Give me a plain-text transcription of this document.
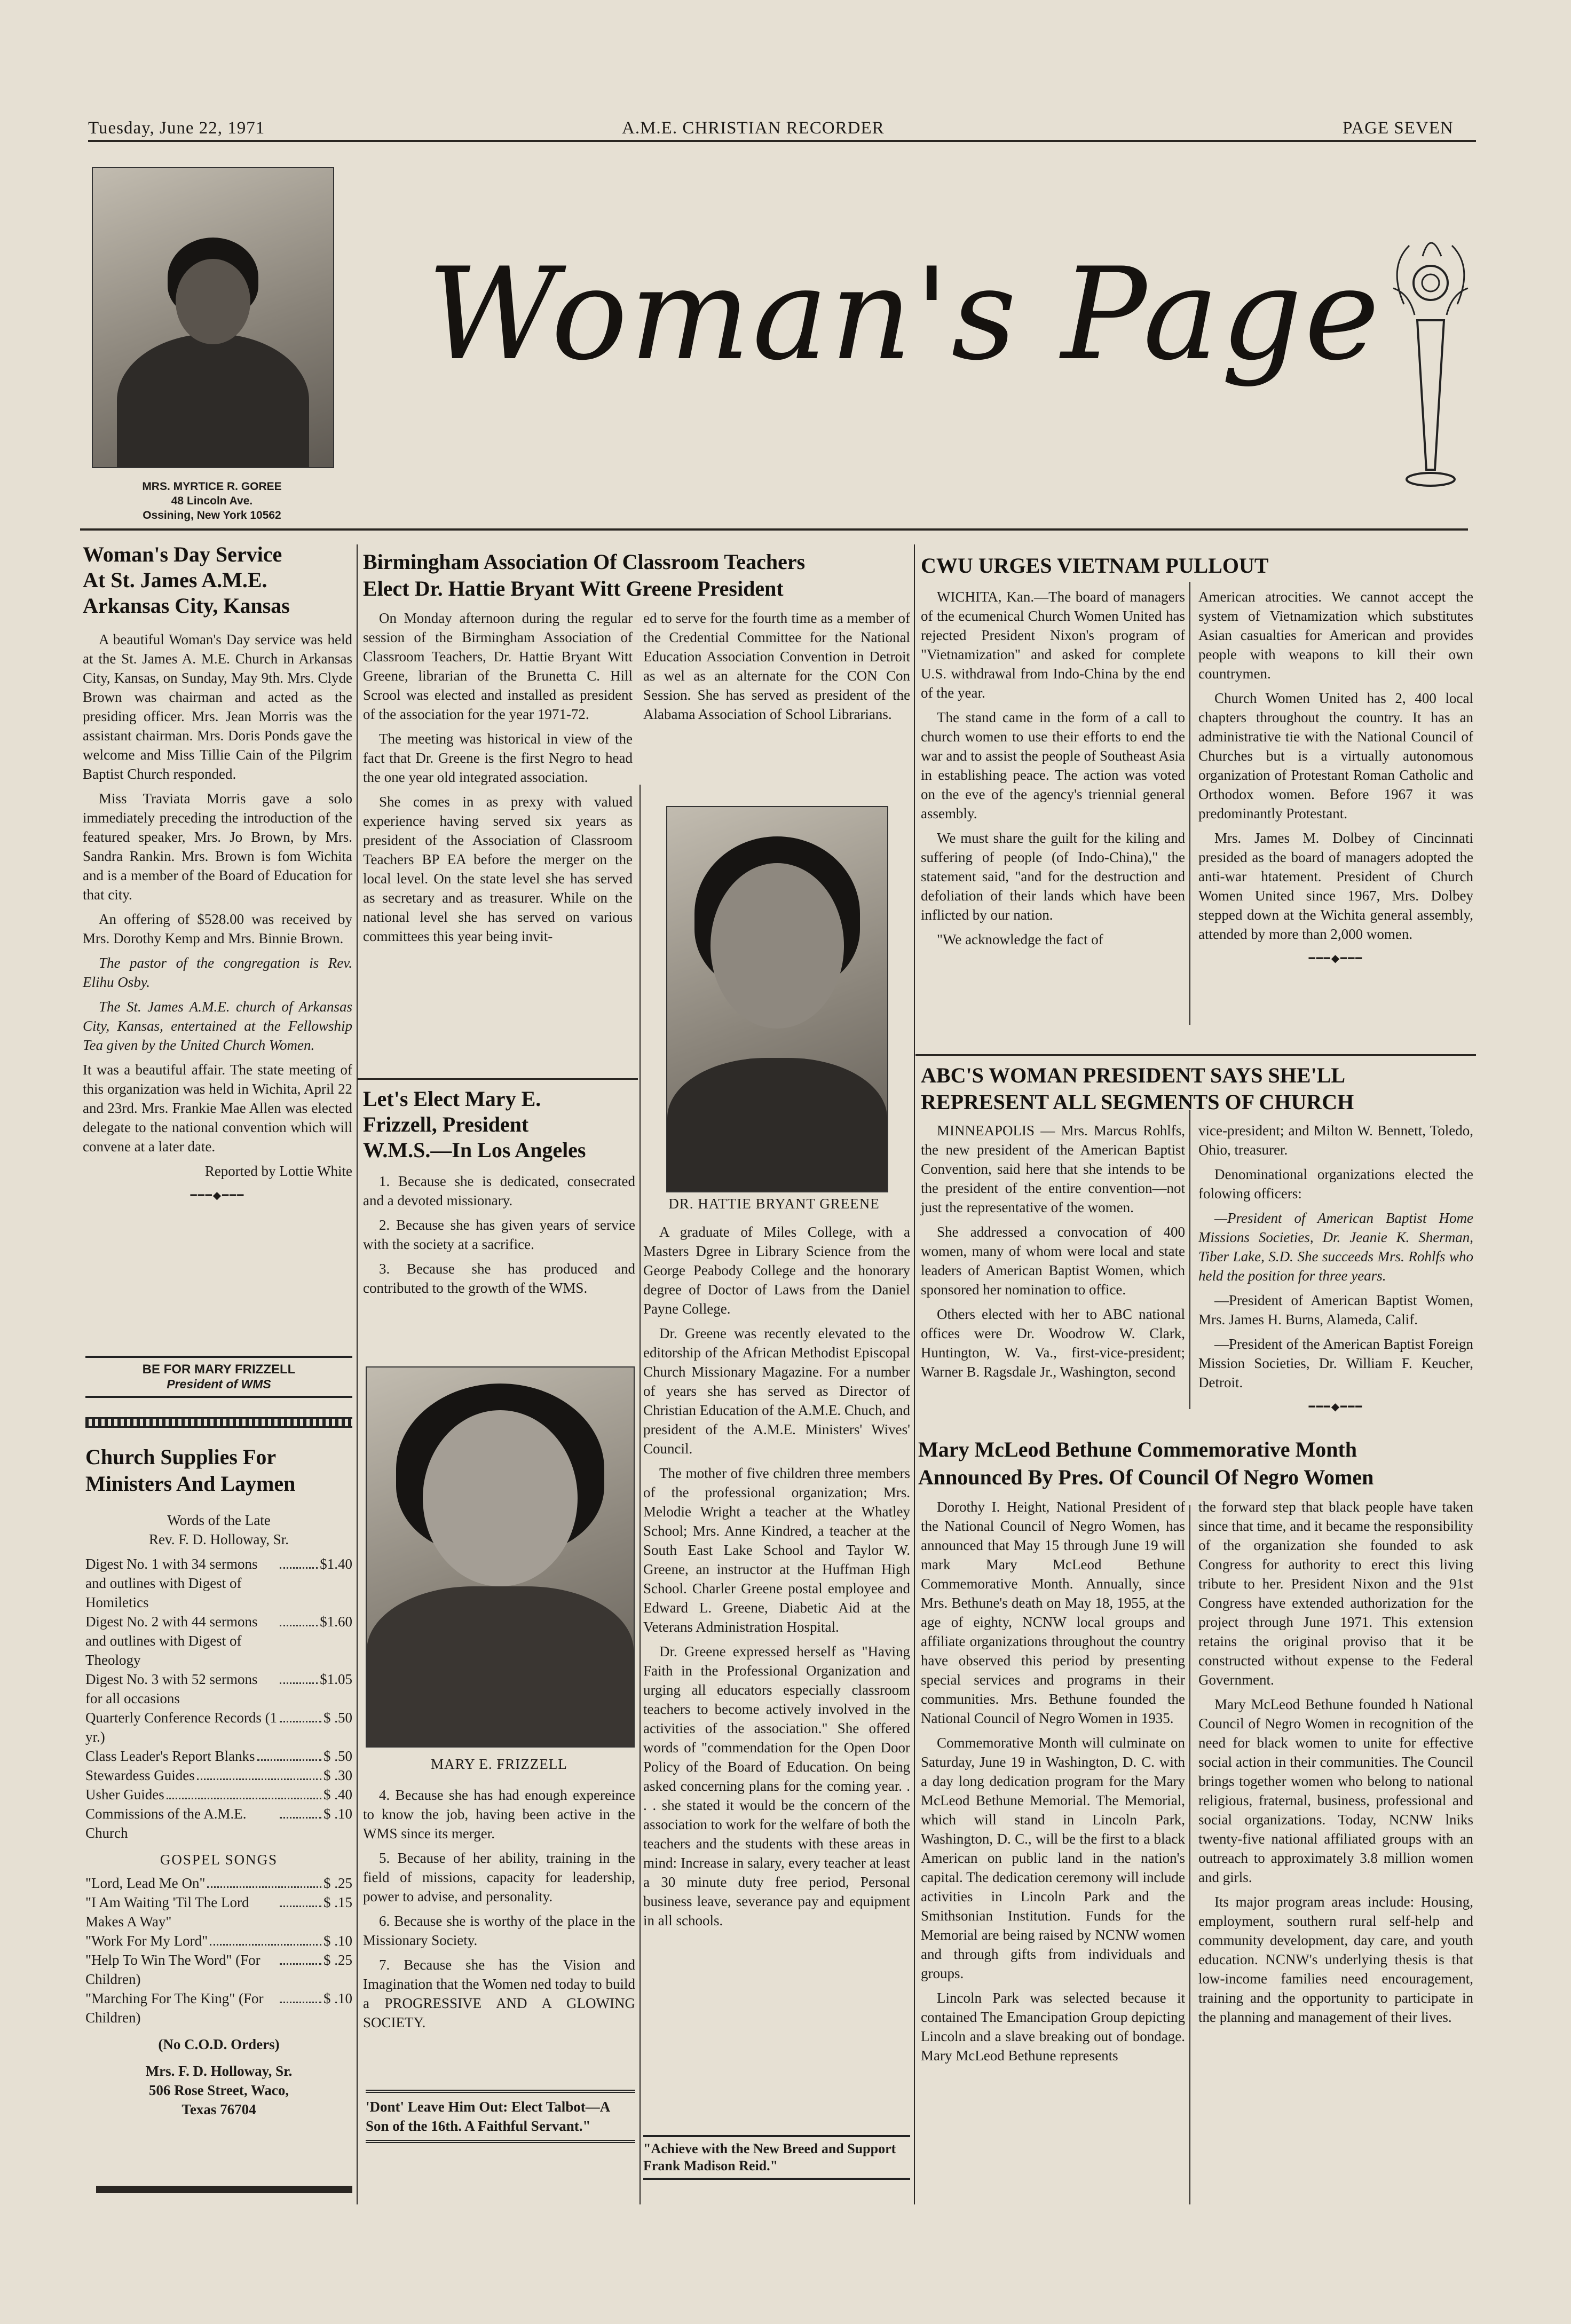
Tuesday, June 22, 1971	A.M.E. CHRISTIAN RECORDER	PAGE SEVEN
MRS. MYRTICE R. GOREE
48 Lincoln Ave.
Ossining, New York 10562
Woman's Page
Woman's Day Service
At St. James A.M.E.
Arkansas City, Kansas

A beautiful Woman's Day service was held at the St. James A. M.E. Church in Arkansas City, Kansas, on Sunday, May 9th. Mrs. Clyde Brown was chairman and acted as the presiding officer. Mrs. Jean Morris was the assistant chairman. Mrs. Doris Ponds gave the welcome and Miss Tillie Cain of the Pilgrim Baptist Church responded.

Miss Traviata Morris gave a solo immediately preceding the introduction of the featured speaker, Mrs. Jo Brown, by Mrs. Sandra Rankin. Mrs. Brown is fom Wichita and is a member of the Board of Education for that city.

An offering of $528.00 was received by Mrs. Dorothy Kemp and Mrs. Binnie Brown.

The pastor of the congregation is Rev. Elihu Osby.

The St. James A.M.E. church of Arkansas City, Kansas, entertained at the Fellowship Tea given by the United Church Women.

It was a beautiful affair. The state meeting of this organization was held in Wichita, April 22 and 23rd. Mrs. Frankie Mae Allen was elected delegate to the national convention which will convene at a later date.

Reported by Lottie White

━━━◆━━━
BE FOR MARY FRIZZELL
President of WMS
Church Supplies For
Ministers And Laymen
Words of the Late
Rev. F. D. Holloway, Sr.
Digest No. 1 with 34 sermons and outlines with Digest of Homiletics
$1.40
Digest No. 2 with 44 sermons and outlines with Digest of Theology
$1.60
Digest No. 3 with 52 sermons for all occasions
$1.05
Quarterly Conference Records (1 yr.)
$ .50
Class Leader's Report Blanks	$ .50
Stewardess Guides	$ .30
Usher Guides	$ .40
Commissions of the A.M.E. Church
$ .10
GOSPEL SONGS
"Lord, Lead Me On"	$ .25
"I Am Waiting 'Til The Lord Makes A Way"
$ .15
"Work For My Lord"	$ .10
"Help To Win The Word" (For Children)
$ .25
"Marching For The King" (For Children)
$ .10
(No C.O.D. Orders)
Mrs. F. D. Holloway, Sr.
506 Rose Street, Waco,
Texas 76704
Birmingham Association Of Classroom Teachers
Elect Dr. Hattie Bryant Witt Greene President

On Monday afternoon during the regular session of the Birmingham Association of Classroom Teachers, Dr. Hattie Bryant Witt Greene, librarian of the Brunetta C. Hill Scrool was elected and installed as president of the association for the year 1971-72.

The meeting was historical in view of the fact that Dr. Greene is the first Negro to head the one year old integrated association.

She comes in as prexy with valued experience having served six years as president of the Association of Classroom Teachers BP EA before the merger on the local level. On the state level she has served as secretary and as treasurer. While on the national level she has served on various committees this year being invit-

ed to serve for the fourth time as a member of the Credential Committee for the National Education Association Convention in Detroit as wel as an alternate for the CON Con Session. She has served as president of the Alabama Association of School Librarians.

DR. HATTIE BRYANT GREENE

A graduate of Miles College, with a Masters Dgree in Library Science from the George Peabody College and the honorary degree of Doctor of Laws from the Daniel Payne College.

Dr. Greene was recently elevated to the editorship of the African Methodist Episcopal Church Missionary Magazine. For a number of years she has served as Director of Christian Education of the A.M.E. Chuch, and president of the A.M.E. Ministers' Wives' Council.

The mother of five children three members of the professional organization; Mrs. Melodie Wright a teacher at the Whatley School; Mrs. Anne Kindred, a teacher at the South East Lake School and Taylor W. Greene, an instructor at the Huffman High School. Charler Greene postal employee and Edward L. Greene, Diabetic Aid at the Veterans Administration Hospital.

Dr. Greene expressed herself as "Having Faith in the Professional Organization and urging all educators especially classroom teachers to become actively involved in the activities of the association." She offered words of "commendation for the Open Door Policy of the Board of Education. On being asked concerning plans for the coming year. . . . she stated it would be the concern of the association to work for the welfare of both the teachers and the students with these areas in mind: Increase in salary, every teacher at least a 30 minute duty free period, Personal business leave, severance pay and equipment in all schools.

"Achieve with the New Breed and Support Frank Madison Reid."
Let's Elect Mary E.
Frizzell, President
W.M.S.—In Los Angeles

1. Because she is dedicated, consecrated and a devoted missionary.

2. Because she has given years of service with the society at a sacrifice.

3. Because she has produced and contributed to the growth of the WMS.

MARY E. FRIZZELL

4. Because she has had enough expereince to know the job, having been active in the WMS since its merger.

5. Because of her ability, training in the field of missions, capacity for leadership, power to advise, and personality.

6. Because she is worthy of the place in the Missionary Society.

7. Because she has the Vision and Imagination that the Women ned today to build a PROGRESSIVE AND A GLOWING SOCIETY.

'Dont' Leave Him Out: Elect Talbot—A Son of the 16th. A Faithful Servant."
CWU URGES VIETNAM PULLOUT

WICHITA, Kan.—The board of managers of the ecumenical Church Women United has rejected President Nixon's program of "Vietnamization" and asked for complete U.S. withdrawal from Indo-China by the end of the year.

The stand came in the form of a call to church women to use their efforts to end the war and to assist the people of Southeast Asia in establishing peace. The action was voted on the eve of the agency's triennial general assembly.

We must share the guilt for the kiling and suffering of people (of Indo-China)," the statement said, "and for the destruction and defoliation of their lands which have been inflicted by our nation.

"We acknowledge the fact of

American atrocities. We cannot accept the system of Vietnamization which substitutes Asian casualties for American and provides people with weapons to kill their own countrymen.

Church Women United has 2, 400 local chapters throughout the country. It has an administrative tie with the National Council of Churches but is a virtually autonomous organization of Protestant Roman Catholic and Orthodox women. Before 1967 it was predominantly Protestant.

Mrs. James M. Dolbey of Cincinnati presided as the board of managers adopted the anti-war htatement. President of Church Women United since 1967, Mrs. Dolbey stepped down at the Wichita general assembly, attended by more than 2,000 women.

━━━◆━━━
ABC'S WOMAN PRESIDENT SAYS SHE'LL
REPRESENT ALL SEGMENTS OF CHURCH

MINNEAPOLIS — Mrs. Marcus Rohlfs, the new president of the American Baptist Convention, said here that she intends to be the president of the entire convention—not just the representative of the women.

She addressed a convocation of 400 women, many of whom were local and state leaders of American Baptist Women, which sponsored her nomination to office.

Others elected with her to ABC national offices were Dr. Woodrow W. Clark, Huntington, W. Va., first-vice-president; Warner B. Ragsdale Jr., Washington, second

vice-president; and Milton W. Bennett, Toledo, Ohio, treasurer.

Denominational organizations elected the folowing officers:

—President of American Baptist Home Missions Societies, Dr. Jeanie K. Sherman, Tiber Lake, S.D. She succeeds Mrs. Rohlfs who held the position for three years.

—President of American Baptist Women, Mrs. James H. Burns, Alameda, Calif.

—President of the American Baptist Foreign Mission Societies, Dr. William F. Keucher, Detroit.

━━━◆━━━
Mary McLeod Bethune Commemorative Month
Announced By Pres. Of Council Of Negro Women

Dorothy I. Height, National President of the National Council of Negro Women, has announced that May 15 through June 19 will mark Mary McLeod Bethune Commemorative Month. Annually, since Mrs. Bethune's death on May 18, 1955, at the age of eighty, NCNW local groups and affiliate organizations throughout the country have observed this period by presenting special services and programs in their communities. Mrs. Bethune founded the National Council of Negro Women in 1935.

Commemorative Month will culminate on Saturday, June 19 in Washington, D. C. with a day long dedication program for the Mary McLeod Bethune Memorial. The Memorial, which will stand in Lincoln Park, Washington, D. C., will be the first to a black American on public land in the nation's capital. The dedication ceremony will include activities in Lincoln Park and the Smithsonian Institution. Funds for the Memorial are being raised by NCNW women and through gifts from individuals and groups.

Lincoln Park was selected because it contained The Emancipation Group depicting Lincoln and a slave breaking out of bondage. Mary McLeod Bethune represents

the forward step that black people have taken since that time, and it became the responsibility of the organization she founded to ask Congress for authority to erect this living tribute to her. President Nixon and the 91st Congress have extended authorization for the project through June 1971. This extension retains the original proviso that it be constructed without expense to the Federal Government.

Mary McLeod Bethune founded h National Council of Negro Women in recognition of the need for black women to unite for effective social action in their communities. The Council brings together women who belong to national religious, fraternal, business, professional and social organizations. Today, NCNW lniks twenty-five national affiliated groups with an outreach to approximately 3.8 million women and girls.

Its major program areas include: Housing, employment, southern rural self-help and community development, day care, and youth education. NCNW's underlying thesis is that low-income families need encouragement, training and the opportunity to participate in the planning and management of their lives.
